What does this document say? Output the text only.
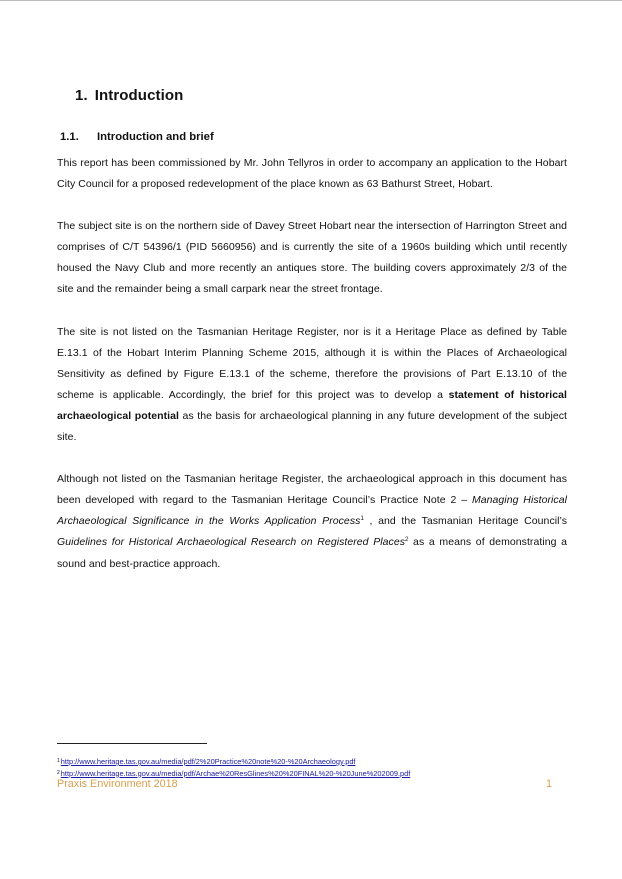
1. Introduction
1.1. Introduction and brief

This report has been commissioned by Mr. John Tellyros in order to accompany an application to the Hobart City Council for a proposed redevelopment of the place known as 63 Bathurst Street, Hobart.

The subject site is on the northern side of Davey Street Hobart near the intersection of Harrington Street and comprises of C/T 54396/1 (PID 5660956) and is currently the site of a 1960s building which until recently housed the Navy Club and more recently an antiques store. The building covers approximately 2/3 of the site and the remainder being a small carpark near the street frontage.

The site is not listed on the Tasmanian Heritage Register, nor is it a Heritage Place as defined by Table E.13.1 of the Hobart Interim Planning Scheme 2015, although it is within the Places of Archaeological Sensitivity as defined by Figure E.13.1 of the scheme, therefore the provisions of Part E.13.10 of the scheme is applicable. Accordingly, the brief for this project was to develop a statement of historical archaeological potential as the basis for archaeological planning in any future development of the subject site.

Although not listed on the Tasmanian heritage Register, the archaeological approach in this document has been developed with regard to the Tasmanian Heritage Council’s Practice Note 2 – Managing Historical Archaeological Significance in the Works Application Process$^1$ , and the Tasmanian Heritage Council’s Guidelines for Historical Archaeological Research on Registered Places$^2$ as a means of demonstrating a sound and best-practice approach.

$^1$http://www.heritage.tas.gov.au/media/pdf/2%20Practice%20note%20-%20Archaeology.pdf
$^2$http://www.heritage.tas.gov.au/media/pdf/Archae%20ResGlines%20%20FINAL%20-%20June%202009.pdf
Praxis Environment 2018	1
